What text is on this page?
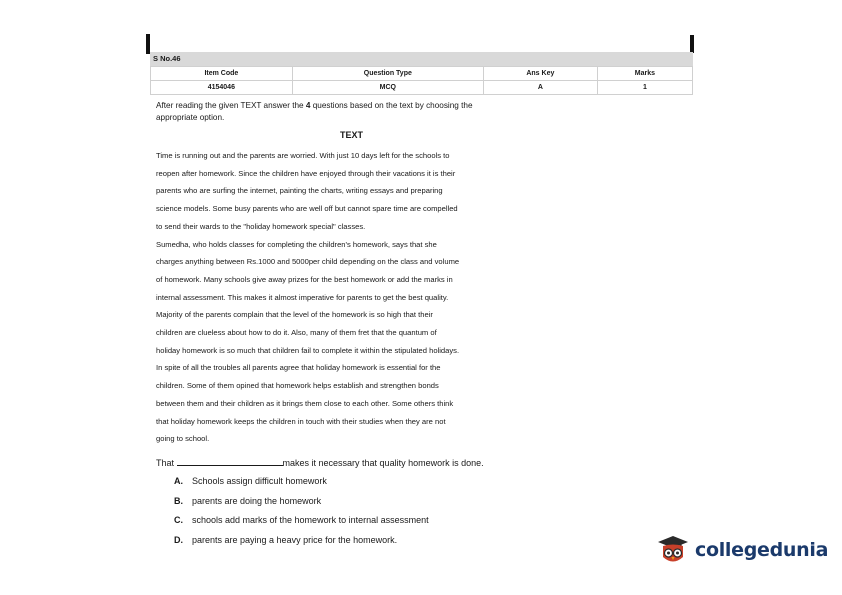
S No.46
Item Code	Question Type	Ans Key	Marks
4154046	MCQ	A	1
After reading the given TEXT answer the 4 questions based on the text by choosing the
appropriate option.
TEXT
Time is running out and the parents are worried. With just 10 days left for the schools to
reopen after homework. Since the children have enjoyed through their vacations it is their
parents who are surfing the internet, painting the charts, writing essays and preparing
science models. Some busy parents who are well off but cannot spare time are compelled
to send their wards to the "holiday homework special" classes.
Sumedha, who holds classes for completing the children's homework, says that she
charges anything between Rs.1000 and 5000per child depending on the class and volume
of homework. Many schools give away prizes for the best homework or add the marks in
internal assessment. This makes it almost imperative for parents to get the best quality.
Majority of the parents complain that the level of the homework is so high that their
children are clueless about how to do it. Also, many of them fret that the quantum of
holiday homework is so much that children fail to complete it within the stipulated holidays.
In spite of all the troubles all parents agree that holiday homework is essential for the
children. Some of them opined that homework helps establish and strengthen bonds
between them and their children as it brings them close to each other. Some others think
that holiday homework keeps the children in touch with their studies when they are not
going to school.
That	makes it necessary that quality homework is done.
A. Schools assign difficult homework
B. parents are doing the homework
C. schools add marks of the homework to internal assessment
D. parents are paying a heavy price for the homework.	collegedunia
